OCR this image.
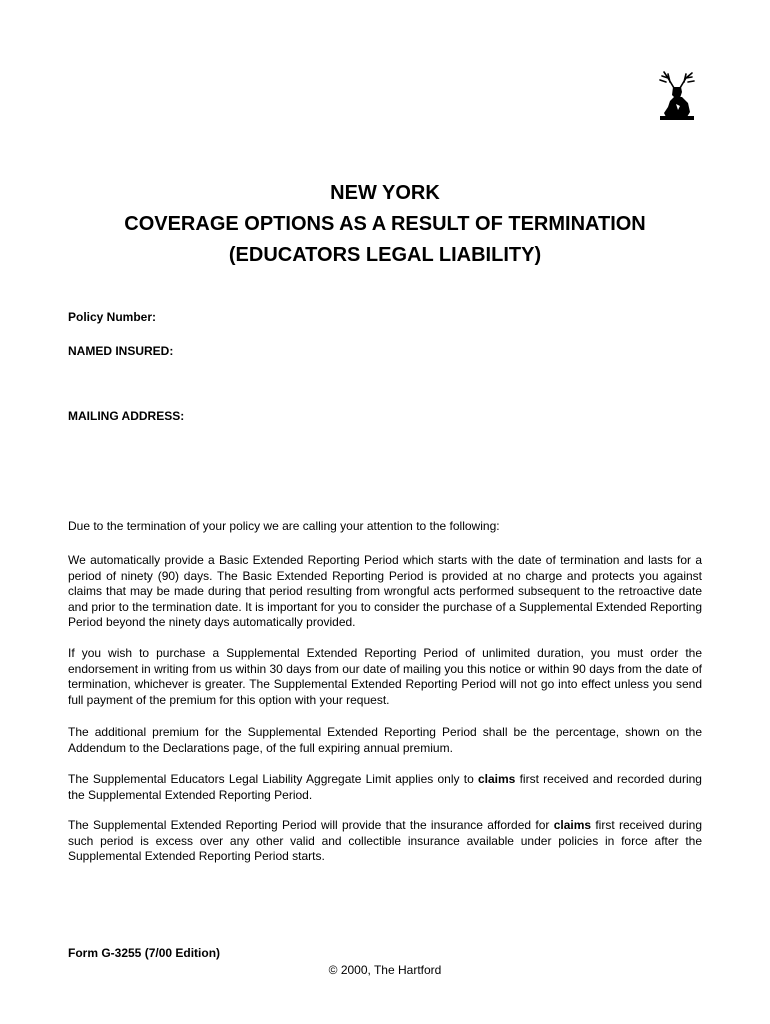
NEW YORK
COVERAGE OPTIONS AS A RESULT OF TERMINATION
(EDUCATORS LEGAL LIABILITY)
Policy Number:
NAMED INSURED:
MAILING ADDRESS:
Due to the termination of your policy we are calling your attention to the following:
We automatically provide a Basic Extended Reporting Period which starts with the date of termination and lasts for a period of ninety (90) days. The Basic Extended Reporting Period is provided at no charge and protects you against claims that may be made during that period resulting from wrongful acts performed subsequent to the retroactive date and prior to the termination date. It is important for you to consider the purchase of a Supplemental Extended Reporting Period beyond the ninety days automatically provided.
If you wish to purchase a Supplemental Extended Reporting Period of unlimited duration, you must order the endorsement in writing from us within 30 days from our date of mailing you this notice or within 90 days from the date of termination, whichever is greater. The Supplemental Extended Reporting Period will not go into effect unless you send full payment of the premium for this option with your request.
The additional premium for the Supplemental Extended Reporting Period shall be the percentage, shown on the Addendum to the Declarations page, of the full expiring annual premium.
The Supplemental Educators Legal Liability Aggregate Limit applies only to claims first received and recorded during the Supplemental Extended Reporting Period.
The Supplemental Extended Reporting Period will provide that the insurance afforded for claims first received during such period is excess over any other valid and collectible insurance available under policies in force after the Supplemental Extended Reporting Period starts.
Form G-3255 (7/00 Edition)
© 2000, The Hartford
